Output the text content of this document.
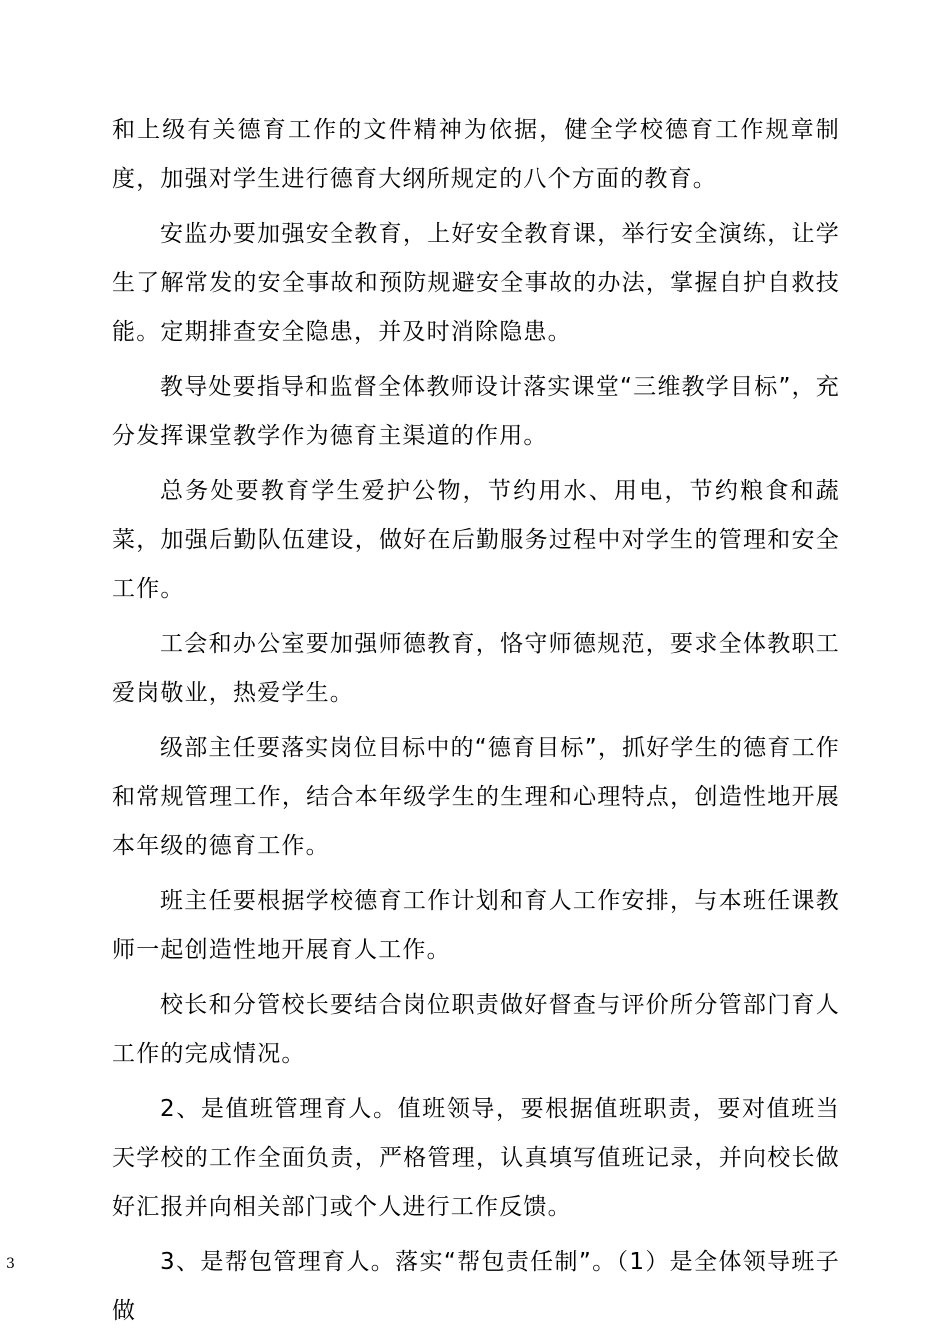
和上级有关德育工作的文件精神为依据，健全学校德育工作规章制度，加强对学生进行德育大纲所规定的八个方面的教育。

安监办要加强安全教育，上好安全教育课，举行安全演练，让学生了解常发的安全事故和预防规避安全事故的办法，掌握自护自救技能。定期排查安全隐患，并及时消除隐患。

教导处要指导和监督全体教师设计落实课堂“三维教学目标”，充分发挥课堂教学作为德育主渠道的作用。

总务处要教育学生爱护公物，节约用水、用电，节约粮食和蔬菜，加强后勤队伍建设，做好在后勤服务过程中对学生的管理和安全工作。

工会和办公室要加强师德教育，恪守师德规范，要求全体教职工爱岗敬业，热爱学生。

级部主任要落实岗位目标中的“德育目标”，抓好学生的德育工作和常规管理工作，结合本年级学生的生理和心理特点，创造性地开展本年级的德育工作。

班主任要根据学校德育工作计划和育人工作安排，与本班任课教师一起创造性地开展育人工作。

校长和分管校长要结合岗位职责做好督查与评价所分管部门育人工作的完成情况。

2、是值班管理育人。值班领导，要根据值班职责，要对值班当天学校的工作全面负责，严格管理，认真填写值班记录，并向校长做好汇报并向相关部门或个人进行工作反馈。

3、是帮包管理育人。落实“帮包责任制”。（1）是全体领导班子做

3
